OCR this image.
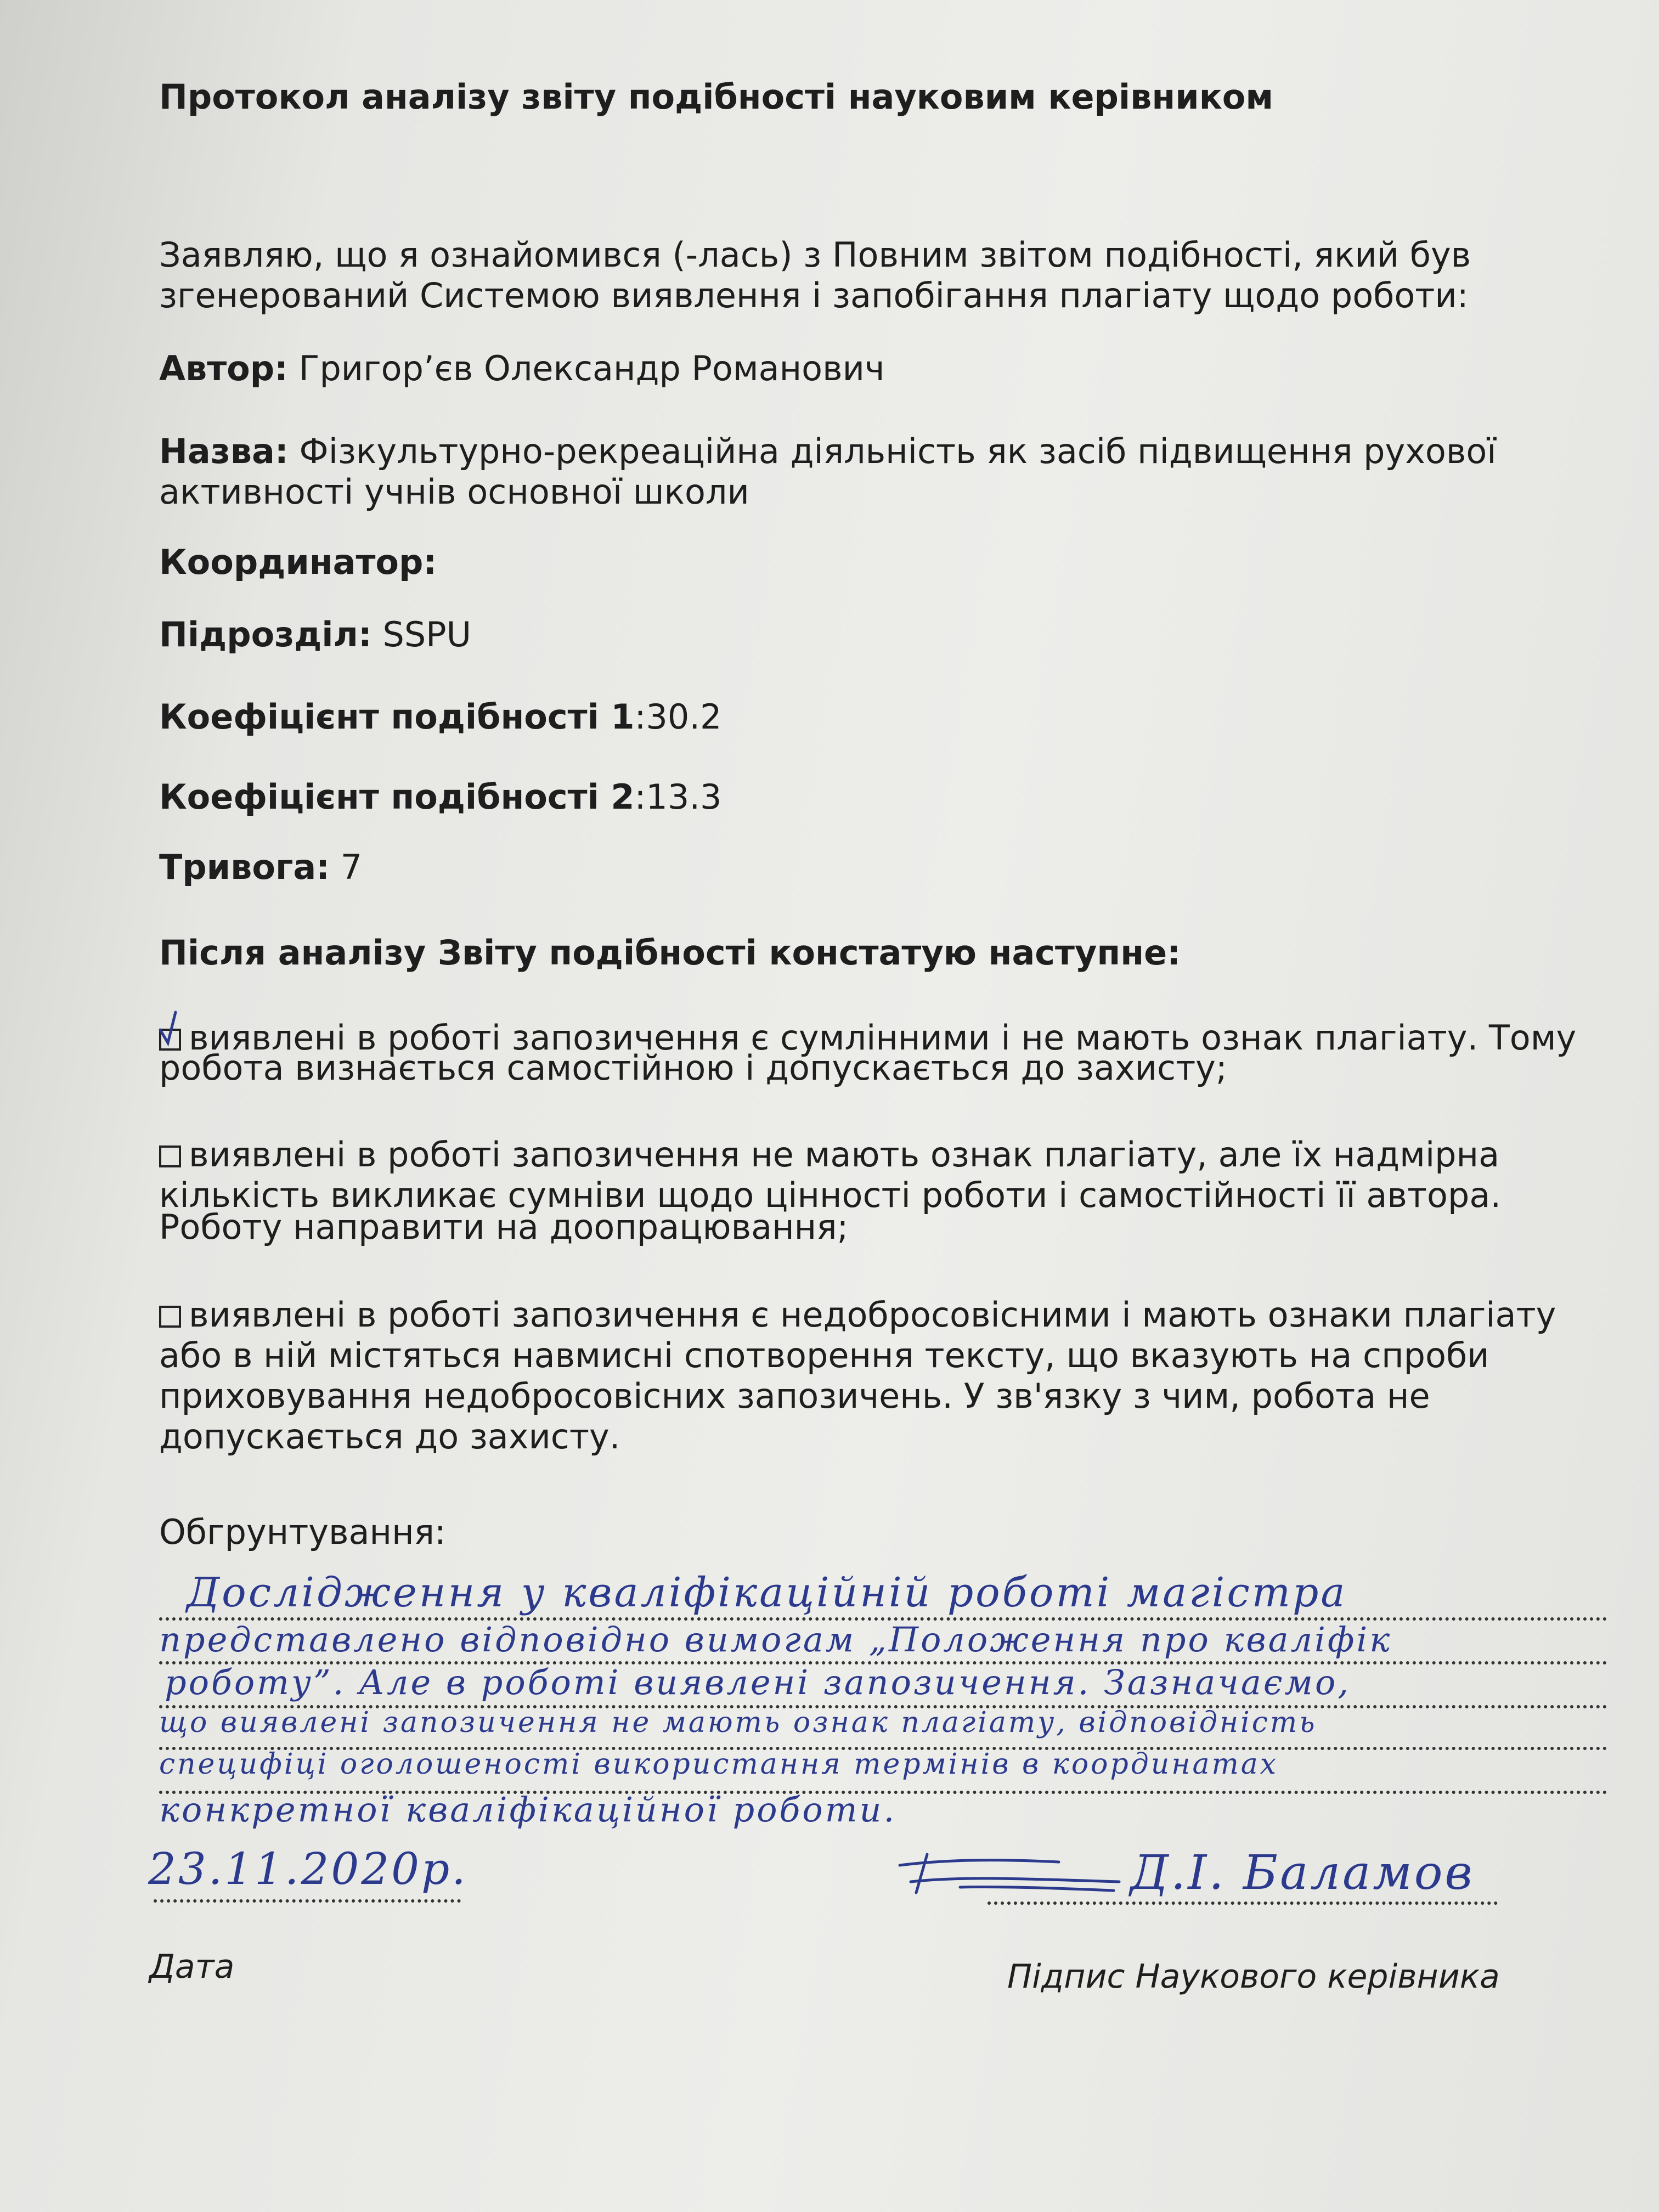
Протокол аналізу звіту подібності науковим керівником
Заявляю, що я ознайомився (-лась) з Повним звітом подібності, який був
згенерований Системою виявлення і запобігання плагіату щодо роботи:
Автор: Григор’єв Олександр Романович
Назва: Фізкультурно-рекреаційна діяльність як засіб підвищення рухової
активності учнів основної школи
Координатор:
Підрозділ: SSPU
Коефіцієнт подібності 1:30.2
Коефіцієнт подібності 2:13.3
Тривога: 7
Після аналізу Звіту подібності констатую наступне:
виявлені в роботі запозичення є сумлінними і не мають ознак плагіату. Тому
робота визнається самостійною і допускається до захисту;
виявлені в роботі запозичення не мають ознак плагіату, але їх надмірна
кількість викликає сумніви щодо цінності роботи і самостійності її автора.
Роботу направити на доопрацювання;
виявлені в роботі запозичення є недобросовісними і мають ознаки плагіату
або в ній містяться навмисні спотворення тексту, що вказують на спроби
приховування недобросовісних запозичень. У зв'язку з чим, робота не
допускається до захисту.
Обгрунтування:
Дослідження у кваліфікаційній роботі магістра
представлено відповідно вимогам „Положення про кваліфік
роботу”. Але в роботі виявлені запозичення. Зазначаємо,
що виявлені запозичення не мають ознак плагіату, відповідність
специфіці оголошеності використання термінів в координатах
конкретної кваліфікаційної роботи.
23.11.2020р.	Д.І. Баламов
Дата	Підпис Наукового керівника
